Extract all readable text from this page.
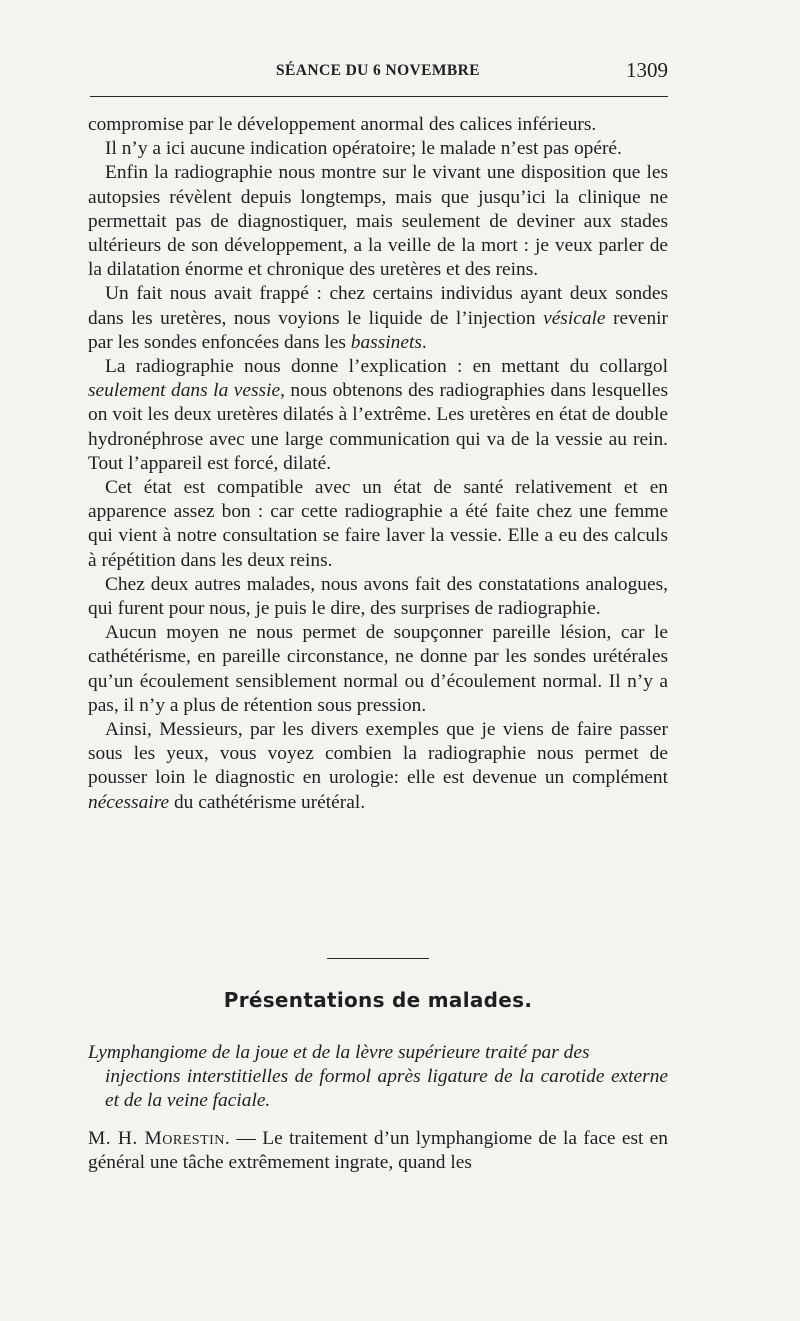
SÉANCE DU 6 NOVEMBRE	1309

compromise par le développement anormal des calices inférieurs.

Il n’y a ici aucune indication opératoire; le malade n’est pas opéré.

Enfin la radiographie nous montre sur le vivant une disposition que les autopsies révèlent depuis longtemps, mais que jusqu’ici la clinique ne permettait pas de diagnostiquer, mais seulement de deviner aux stades ultérieurs de son développement, a la veille de la mort : je veux parler de la dilatation énorme et chronique des uretères et des reins.

Un fait nous avait frappé : chez certains individus ayant deux sondes dans les uretères, nous voyions le liquide de l’injection vésicale revenir par les sondes enfoncées dans les bassinets.

La radiographie nous donne l’explication : en mettant du collargol seulement dans la vessie, nous obtenons des radiographies dans lesquelles on voit les deux uretères dilatés à l’extrême. Les uretères en état de double hydronéphrose avec une large communication qui va de la vessie au rein. Tout l’appareil est forcé, dilaté.

Cet état est compatible avec un état de santé relativement et en apparence assez bon : car cette radiographie a été faite chez une femme qui vient à notre consultation se faire laver la vessie. Elle a eu des calculs à répétition dans les deux reins.

Chez deux autres malades, nous avons fait des constatations analogues, qui furent pour nous, je puis le dire, des surprises de radiographie.

Aucun moyen ne nous permet de soupçonner pareille lésion, car le cathétérisme, en pareille circonstance, ne donne par les sondes urétérales qu’un écoulement sensiblement normal ou d’écoulement normal. Il n’y a pas, il n’y a plus de rétention sous pression.

Ainsi, Messieurs, par les divers exemples que je viens de faire passer sous les yeux, vous voyez combien la radiographie nous permet de pousser loin le diagnostic en urologie: elle est devenue un complément nécessaire du cathétérisme urétéral.

Présentations de malades.
Lymphangiome de la joue et de la lèvre supérieure traité par des
injections interstitielles de formol après ligature de la carotide externe et de la veine faciale.
M. H. Morestin. — Le traitement d’un lymphangiome de la face est en général une tâche extrêmement ingrate, quand les
